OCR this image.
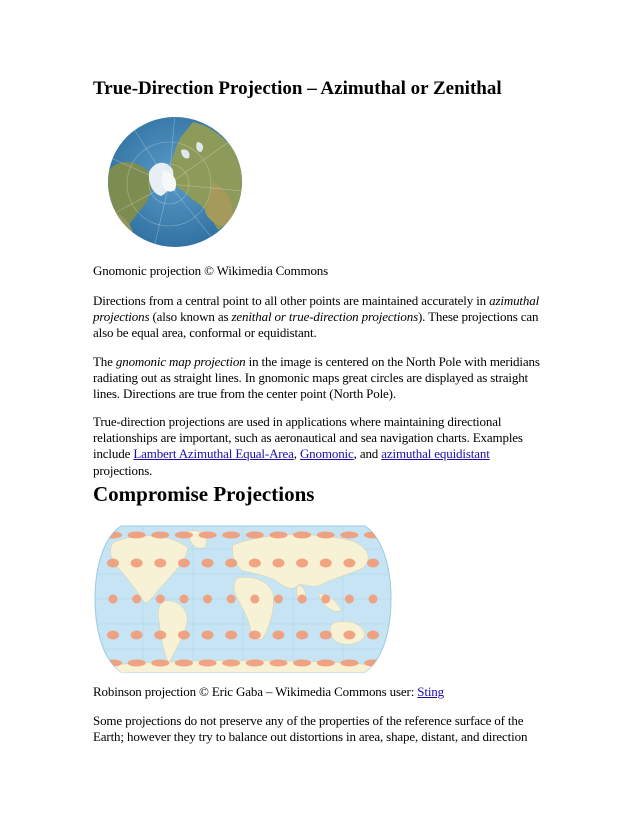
True-Direction Projection – Azimuthal or Zenithal

Gnomonic projection © Wikimedia Commons

Directions from a central point to all other points are maintained accurately in azimuthal
projections (also known as zenithal or true-direction projections). These projections can
also be equal area, conformal or equidistant.

The gnomonic map projection in the image is centered on the North Pole with meridians
radiating out as straight lines. In gnomonic maps great circles are displayed as straight
lines. Directions are true from the center point (North Pole).

True-direction projections are used in applications where maintaining directional
relationships are important, such as aeronautical and sea navigation charts. Examples
include Lambert Azimuthal Equal-Area, Gnomonic, and azimuthal equidistant
projections.

Compromise Projections

Robinson projection © Eric Gaba – Wikimedia Commons user: Sting

Some projections do not preserve any of the properties of the reference surface of the
Earth; however they try to balance out distortions in area, shape, distant, and direction
